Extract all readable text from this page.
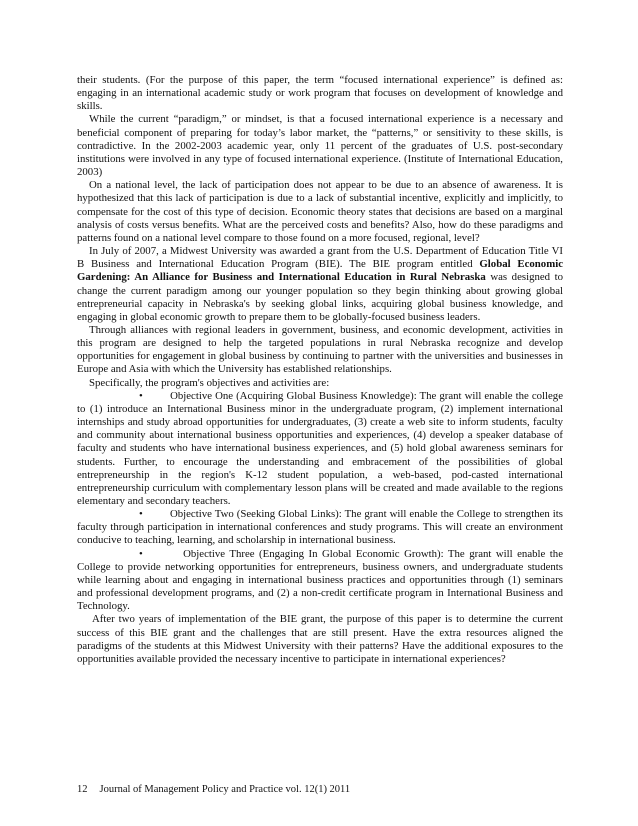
their students. (For the purpose of this paper, the term “focused international experience” is defined as: engaging in an international academic study or work program that focuses on development of knowledge and skills.

While the current “paradigm,” or mindset, is that a focused international experience is a necessary and beneficial component of preparing for today’s labor market, the “patterns,” or sensitivity to these skills, is contradictive. In the 2002-2003 academic year, only 11 percent of the graduates of U.S. post-secondary institutions were involved in any type of focused international experience. (Institute of International Education, 2003)

On a national level, the lack of participation does not appear to be due to an absence of awareness. It is hypothesized that this lack of participation is due to a lack of substantial incentive, explicitly and implicitly, to compensate for the cost of this type of decision. Economic theory states that decisions are based on a marginal analysis of costs versus benefits. What are the perceived costs and benefits? Also, how do these paradigms and patterns found on a national level compare to those found on a more focused, regional, level?

In July of 2007, a Midwest University was awarded a grant from the U.S. Department of Education Title VI B Business and International Education Program (BIE). The BIE program entitled Global Economic Gardening: An Alliance for Business and International Education in Rural Nebraska was designed to change the current paradigm among our younger population so they begin thinking about growing global entrepreneurial capacity in Nebraska's by seeking global links, acquiring global business knowledge, and engaging in global economic growth to prepare them to be globally-focused business leaders.

Through alliances with regional leaders in government, business, and economic development, activities in this program are designed to help the targeted populations in rural Nebraska recognize and develop opportunities for engagement in global business by continuing to partner with the universities and businesses in Europe and Asia with which the University has established relationships.

Specifically, the program's objectives and activities are:

•	Objective One (Acquiring Global Business Knowledge): The grant will enable the college to (1) introduce an International Business minor in the undergraduate program, (2) implement international internships and study abroad opportunities for undergraduates, (3) create a web site to inform students, faculty and community about international business opportunities and experiences, (4) develop a speaker database of faculty and students who have international business experiences, and (5) hold global awareness seminars for students. Further, to encourage the understanding and embracement of the possibilities of global entrepreneurship in the region's K-12 student population, a web-based, pod-casted international entrepreneurship curriculum with complementary lesson plans will be created and made available to the regions elementary and secondary teachers.

•	Objective Two (Seeking Global Links): The grant will enable the College to strengthen its faculty through participation in international conferences and study programs. This will create an environment conducive to teaching, learning, and scholarship in international business.

•	Objective Three (Engaging In Global Economic Growth): The grant will enable the College to provide networking opportunities for entrepreneurs, business owners, and undergraduate students while learning about and engaging in international business practices and opportunities through (1) seminars and professional development programs, and (2) a non-credit certificate program in International Business and Technology.

After two years of implementation of the BIE grant, the purpose of this paper is to determine the current success of this BIE grant and the challenges that are still present. Have the extra resources aligned the paradigms of the students at this Midwest University with their patterns? Have the additional exposures to the opportunities available provided the necessary incentive to participate in international experiences?

12 Journal of Management Policy and Practice vol. 12(1) 2011
